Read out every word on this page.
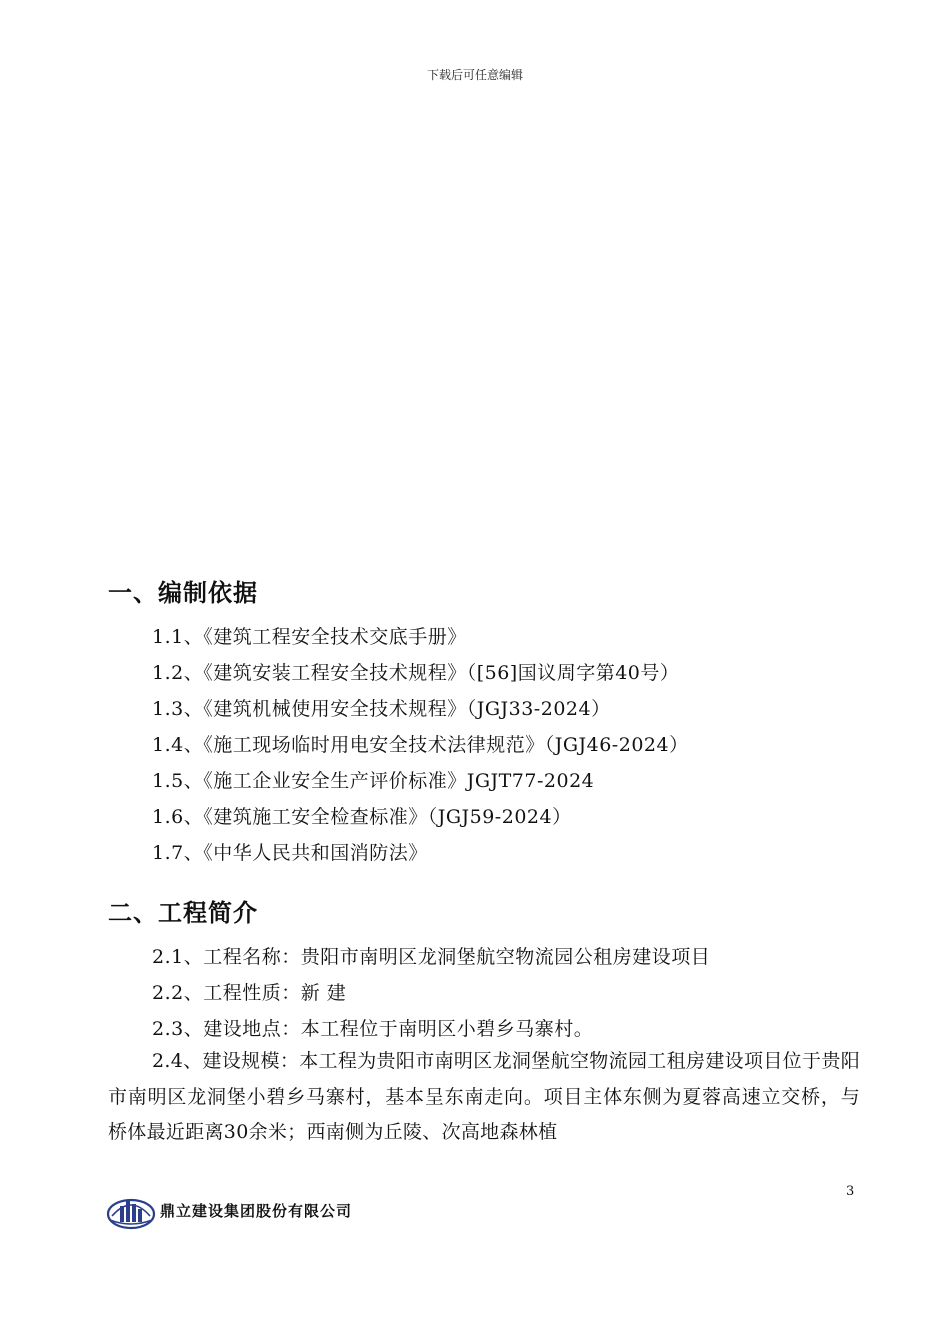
下载后可任意编辑
一、编制依据
1.1、《建筑工程安全技术交底手册》
1.2、《建筑安装工程安全技术规程》（[56]国议周字第40号）
1.3、《建筑机械使用安全技术规程》（JGJ33-2024）
1.4、《施工现场临时用电安全技术法律规范》（JGJ46-2024）
1.5、《施工企业安全生产评价标准》JGJT77-2024
1.6、《建筑施工安全检查标准》（JGJ59-2024）
1.7、《中华人民共和国消防法》
二、工程简介
2.1、工程名称：贵阳市南明区龙洞堡航空物流园公租房建设项目
2.2、工程性质：新 建
2.3、建设地点：本工程位于南明区小碧乡马寨村。
2.4、建设规模：本工程为贵阳市南明区龙洞堡航空物流园工租房建设项目位于贵阳市南明区龙洞堡小碧乡马寨村，基本呈东南走向。项目主体东侧为夏蓉高速立交桥，与桥体最近距离30余米；西南侧为丘陵、次高地森林植
3
鼎立建设集团股份有限公司
